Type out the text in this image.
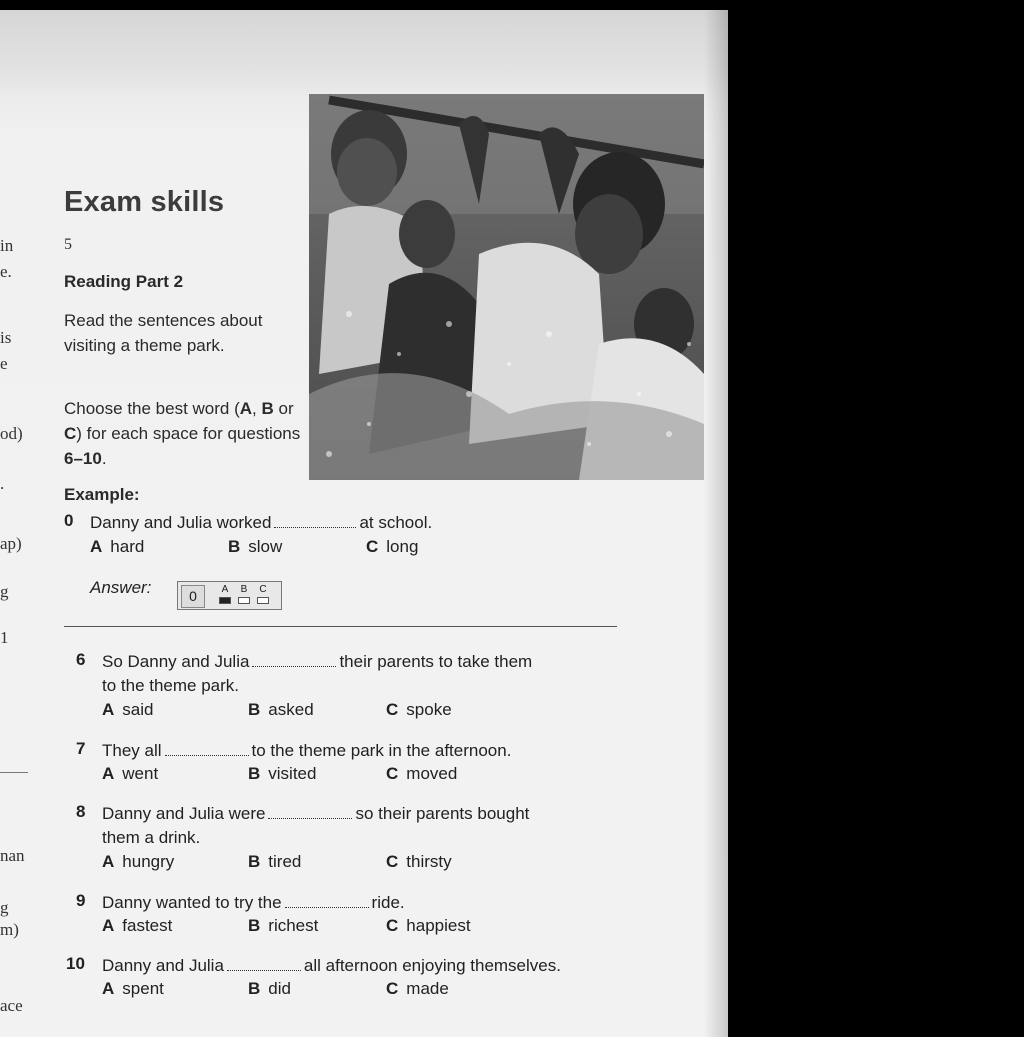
in
e.
is
e
od)
.
ap)
g
1
nan
g
m)
ace
Exam skills
5
Reading Part 2
Read the sentences about visiting a theme park.
Choose the best word (A, B or C) for each space for questions 6–10.
Example:
0 Danny and Julia worked	at school.
A hard	B slow	C long
Answer:	0	A	B	C
6 So Danny and Julia	their parents to take them
to the theme park.
A said	B asked	C spoke
7 They all	to the theme park in the afternoon.
A went	B visited	C moved
8 Danny and Julia were	so their parents bought
them a drink.
A hungry	B tired	C thirsty
9 Danny wanted to try the	ride.
A fastest	B richest	C happiest
10 Danny and Julia	all afternoon enjoying themselves.
A spent	B did	C made
